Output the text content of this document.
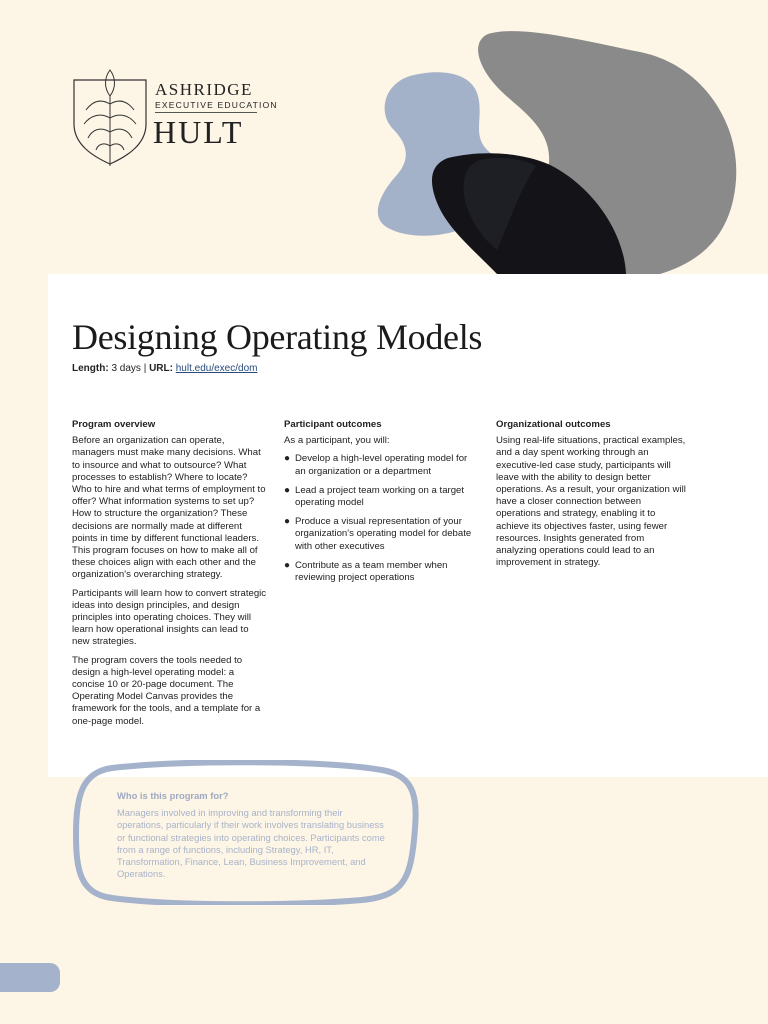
ASHRIDGE
EXECUTIVE EDUCATION
HULT
Designing Operating Models
Length: 3 days | URL: hult.edu/exec/dom
Program overview

Before an organization can operate, managers must make many decisions. What to insource and what to outsource? What processes to establish? Where to locate? Who to hire and what terms of employment to offer? What information systems to set up? How to structure the organization? These decisions are normally made at different points in time by different functional leaders. This program focuses on how to make all of these choices align with each other and the organization's overarching strategy.

Participants will learn how to convert strategic ideas into design principles, and design principles into operating choices. They will learn how operational insights can lead to new strategies.

The program covers the tools needed to design a high-level operating model: a concise 10 or 20-page document. The Operating Model Canvas provides the framework for the tools, and a template for a one-page model.

Participant outcomes

As a participant, you will:

● Develop a high-level operating model for an organization or a department
● Lead a project team working on a target operating model
● Produce a visual representation of your organization's operating model for debate with other executives
● Contribute as a team member when reviewing project operations
Organizational outcomes

Using real-life situations, practical examples, and a day spent working through an executive-led case study, participants will leave with the ability to design better operations. As a result, your organization will have a closer connection between operations and strategy, enabling it to achieve its objectives faster, using fewer resources. Insights generated from analyzing operations could lead to an improvement in strategy.

Who is this program for?

Managers involved in improving and transforming their operations, particularly if their work involves translating business or functional strategies into operating choices. Participants come from a range of functions, including Strategy, HR, IT, Transformation, Finance, Lean, Business Improvement, and Operations.
